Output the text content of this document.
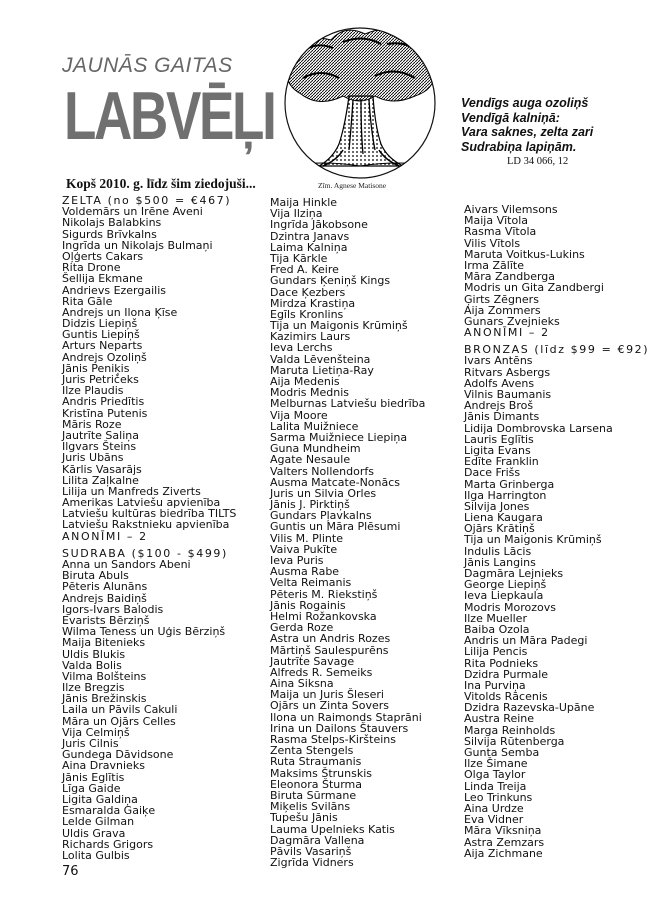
JAUNĀS GAITAS
LABVĒĻI
Zīm. Agnese Matisone
Kopš 2010. g. līdz šim ziedojuši...
Vendīgs auga ozoliņš
Vendīgā kalniņā:
Vara saknes, zelta zari
Sudrabiņa lapiņām.
LD 34 066, 12
ZELTA (no $500 = €467)
Voldemārs un Irēne Aveni
Nikolajs Balabkins
Sigurds Brīvkalns
Ingrīda un Nikolajs Bulmaņi
Oļģerts Cakars
Rita Drone
Šellija Ekmane
Andrievs Ezergailis
Rita Gāle
Andrejs un Ilona Ķīse
Didzis Liepiņš
Guntis Liepiņš
Arturs Neparts
Andrejs Ozoliņš
Jānis Peniķis
Juris Petričeks
Ilze Plaudis
Andris Priedītis
Kristīna Putenis
Māris Roze
Jautrīte Saliņa
Ilgvars Šteins
Juris Ubāns
Kārlis Vasarājs
Lilita Zaļkalne
Lilija un Manfreds Ziverts
Amerikas Latviešu apvienība
Latviešu kultūras biedrība TILTS
Latviešu Rakstnieku apvienība
ANONĪMI – 2
SUDRABA ($100 - $499)
Anna un Sandors Abeni
Biruta Abuls
Pēteris Alunāns
Andrejs Baidiņš
Igors-Ivars Balodis
Evarists Bērziņš
Wilma Teness un Uģis Bērziņš
Maija Bitenieks
Uldis Blukis
Valda Bolis
Vilma Bolšteins
Ilze Bregzis
Jānis Brežinskis
Laila un Pāvils Cakuli
Māra un Ojārs Celles
Vija Celmiņš
Juris Cilnis
Gundega Dāvidsone
Aina Dravnieks
Jānis Eglītis
Līga Gaide
Ligita Galdiņa
Esmaralda Gaiķe
Lelde Gilman
Uldis Grava
Richards Grigors
Lolita Gulbis
Maija Hinkle
Vija Ilziņa
Ingrīda Jākobsone
Dzintra Janavs
Laima Kalniņa
Tija Kārkle
Fred A. Keire
Gundars Ķeniņš Kings
Dace Ķezbers
Mirdza Krastiņa
Egīls Kronlins
Tija un Maigonis Krūmiņš
Kazimirs Laurs
Ieva Lerchs
Valda Lēvenšteina
Maruta Lietiņa-Ray
Aija Medenis
Modris Mednis
Melburnas Latviešu biedrība
Vija Moore
Lalita Muižniece
Sarma Muižniece Liepiņa
Guna Mundheim
Agate Nesaule
Valters Nollendorfs
Ausma Matcate-Nonācs
Juris un Silvia Orles
Jānis J. Pirktiņš
Gundars Pļavkalns
Guntis un Māra Plēsumi
Vilis M. Plinte
Vaiva Pukīte
Ieva Puris
Ausma Rabe
Velta Reimanis
Pēteris M. Riekstiņš
Jānis Rogainis
Helmi Rožankovska
Gerda Roze
Astra un Andris Rozes
Mārtiņš Saulespurēns
Jautrīte Savage
Alfreds R. Semeiks
Aina Siksna
Maija un Juris Šleseri
Ojārs un Zinta Sovers
Ilona un Raimonds Staprāni
Irina un Dailons Štauvers
Rasma Stelps-Kiršteins
Zenta Stengels
Ruta Straumanis
Maksims Štrunskis
Eleonora Šturma
Biruta Sūrmane
Miķelis Svilāns
Tupešu Jānis
Lauma Upelnieks Katis
Dagmāra Vallena
Pāvils Vasariņš
Zigrīda Vidners
Aivars Vilemsons
Maija Vītola
Rasma Vītola
Vilis Vītols
Maruta Voitkus-Lukins
Irma Zālīte
Māra Zandberga
Modris un Gita Zandbergi
Ģirts Zēgners
Aija Zommers
Gunars Zvejnieks
ANONĪMI – 2
BRONZAS (līdz $99 = €92)
Ivars Antēns
Ritvars Asbergs
Adolfs Avens
Vilnis Baumanis
Andrejs Broš
Jānis Dimants
Lidija Dombrovska Larsena
Lauris Eglītis
Ligita Evans
Edīte Franklin
Dace Frišs
Marta Grinberga
Ilga Harrington
Silvija Jones
Liena Kaugara
Ojārs Krātiņš
Tija un Maigonis Krūmiņš
Indulis Lācis
Jānis Langins
Dagmāra Lejnieks
George Liepiņš
Ieva Liepkaula
Modris Morozovs
Ilze Mueller
Baiba Ozola
Andris un Māra Padegi
Lilija Pencis
Rita Podnieks
Dzidra Purmale
Ina Purviņa
Vitolds Rācenis
Dzidra Razevska-Upāne
Austra Reine
Marga Reinholds
Silvija Rūtenberga
Gunta Semba
Ilze Šimane
Olga Taylor
Linda Treija
Leo Trinkuns
Aina Urdze
Eva Vidner
Māra Vīksniņa
Astra Zemzars
Aija Zichmane
76
